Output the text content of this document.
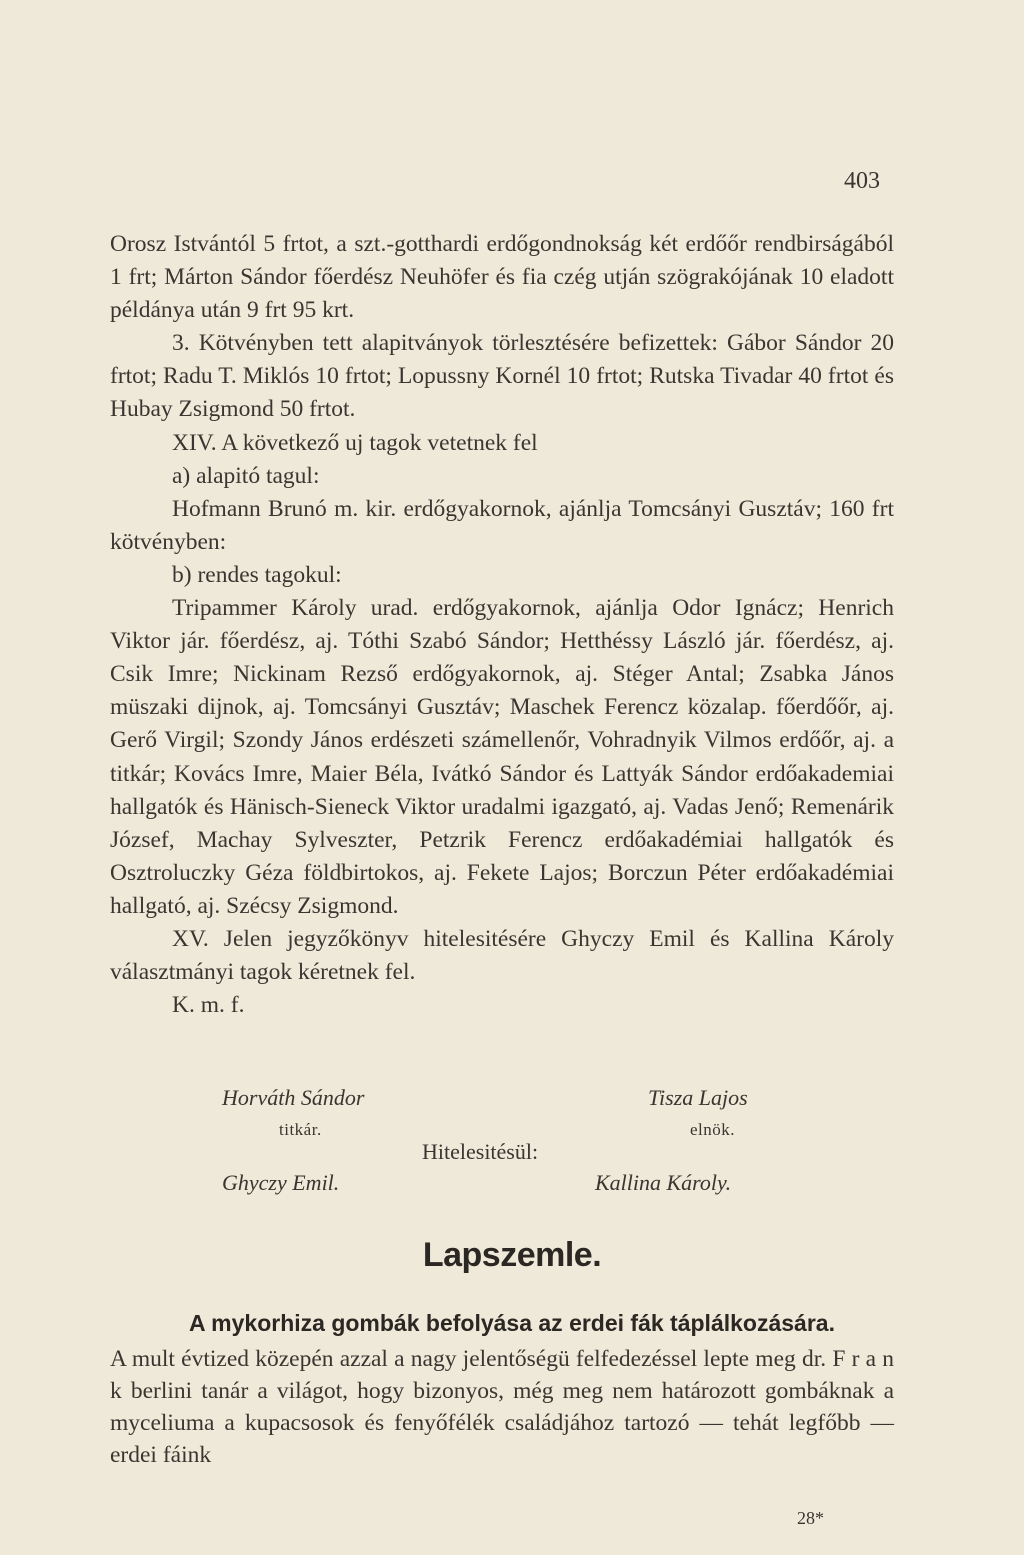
403

Orosz Istvántól 5 frtot, a szt.-gotthardi erdőgondnokság két erdőőr rendbirságából 1 frt; Márton Sándor főerdész Neuhöfer és fia czég utján szögrakójának 10 eladott példánya után 9 frt 95 krt.

3. Kötvényben tett alapitványok törlesztésére befizettek: Gábor Sándor 20 frtot; Radu T. Miklós 10 frtot; Lopussny Kornél 10 frtot; Rutska Tivadar 40 frtot és Hubay Zsigmond 50 frtot.

XIV. A következő uj tagok vetetnek fel

a) alapitó tagul:

Hofmann Brunó m. kir. erdőgyakornok, ajánlja Tomcsányi Gusztáv; 160 frt kötvényben:

b) rendes tagokul:

Tripammer Károly urad. erdőgyakornok, ajánlja Odor Ignácz; Henrich Viktor jár. főerdész, aj. Tóthi Szabó Sándor; Hetthéssy László jár. főerdész, aj. Csik Imre; Nickinam Rezső erdőgyakornok, aj. Stéger Antal; Zsabka János müszaki dijnok, aj. Tomcsányi Gusztáv; Maschek Ferencz közalap. főerdőőr, aj. Gerő Virgil; Szondy János erdészeti számellenőr, Vohradnyik Vilmos erdőőr, aj. a titkár; Kovács Imre, Maier Béla, Ivátkó Sándor és Lattyák Sándor erdőakademiai hallgatók és Hänisch-Sieneck Viktor uradalmi igazgató, aj. Vadas Jenő; Remenárik József, Machay Sylveszter, Petzrik Ferencz erdőakadémiai hallgatók és Osztroluczky Géza földbirtokos, aj. Fekete Lajos; Borczun Péter erdőakadémiai hallgató, aj. Szécsy Zsigmond.

XV. Jelen jegyzőkönyv hitelesitésére Ghyczy Emil és Kallina Károly választmányi tagok kéretnek fel.

K. m. f.

Horváth Sándor
titkár.
Tisza Lajos
elnök.
Hitelesitésül:
Ghyczy Emil.	Kallina Károly.
Lapszemle.
A mykorhiza gombák befolyása az erdei fák táplálkozására.

A mult évtized közepén azzal a nagy jelentőségü felfedezéssel lepte meg dr. F r a n k berlini tanár a világot, hogy bizonyos, még meg nem határozott gombáknak a myceliuma a kupacsosok és fenyőfélék családjához tartozó — tehát legfőbb — erdei fáink

28*
